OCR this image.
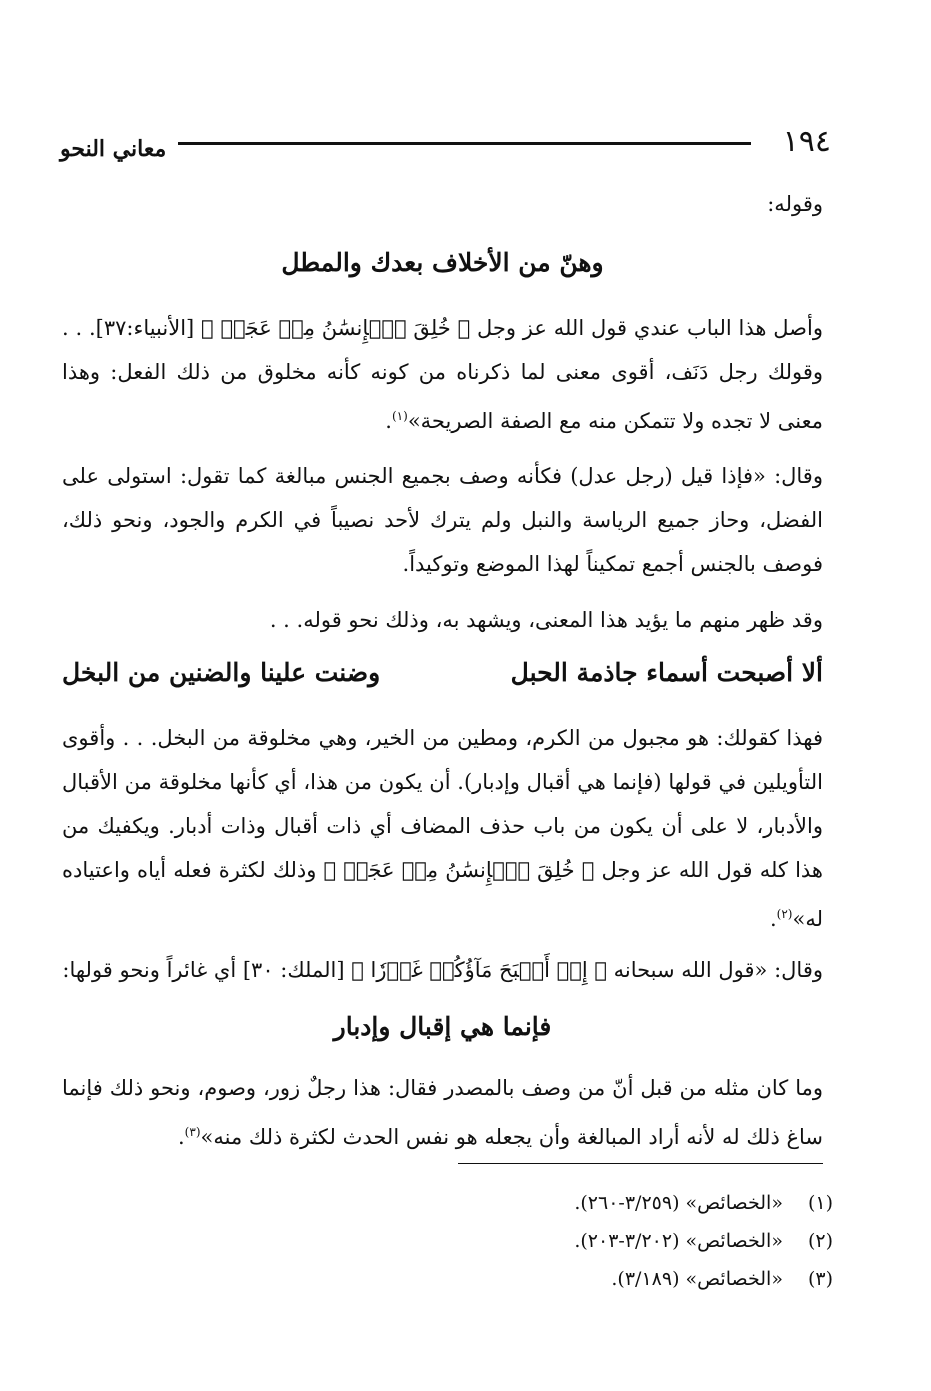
١٩٤
معاني النحو
وقوله:
وهنّ من الأخلاف بعدك والمطل
وأصل هذا الباب عندي قول الله عز وجل ﴿ خُلِقَ ٱلۡإِنسَٰنُ مِنۡ عَجَلٖ ﴾ [الأنبياء:٣٧]. . . وقولك رجل دَنَف، أقوى معنى لما ذكرناه من كونه كأنه مخلوق من ذلك الفعل: وهذا معنى لا تجده ولا تتمكن منه مع الصفة الصريحة»$^{(١)}$.
وقال: «فإذا قيل (رجل عدل) فكأنه وصف بجميع الجنس مبالغة كما تقول: استولى على الفضل، وحاز جميع الرياسة والنبل ولم يترك لأحد نصيباً في الكرم والجود، ونحو ذلك، فوصف بالجنس أجمع تمكيناً لهذا الموضع وتوكيداً.
وقد ظهر منهم ما يؤيد هذا المعنى، ويشهد به، وذلك نحو قوله. . .
ألا أصبحت أسماء جاذمة الحبل
وضنت علينا والضنين من البخل
فهذا كقولك: هو مجبول من الكرم، ومطين من الخير، وهي مخلوقة من البخل. . . وأقوى التأويلين في قولها (فإنما هي أقبال وإدبار). أن يكون من هذا، أي كأنها مخلوقة من الأقبال والأدبار، لا على أن يكون من باب حذف المضاف أي ذات أقبال وذات أدبار. ويكفيك من هذا كله قول الله عز وجل ﴿ خُلِقَ ٱلۡإِنسَٰنُ مِنۡ عَجَلٖ ﴾ وذلك لكثرة فعله أياه واعتياده له»$^{(٢)}$.
وقال: «قول الله سبحانه ﴿ إِنۡ أَصۡبَحَ مَآؤُكُمۡ غَوۡرٗا ﴾ [الملك: ٣٠] أي غائراً ونحو قولها:
فإنما هي إقبال وإدبار
وما كان مثله من قبل أنّ من وصف بالمصدر فقال: هذا رجلٌ زور، وصوم، ونحو ذلك فإنما ساغ ذلك له لأنه أراد المبالغة وأن يجعله هو نفس الحدث لكثرة ذلك منه»$^{(٣)}$.
(١) «الخصائص» (٣/٢٥٩-٢٦٠).
(٢) «الخصائص» (٣/٢٠٢-٢٠٣).
(٣) «الخصائص» (٣/١٨٩).
